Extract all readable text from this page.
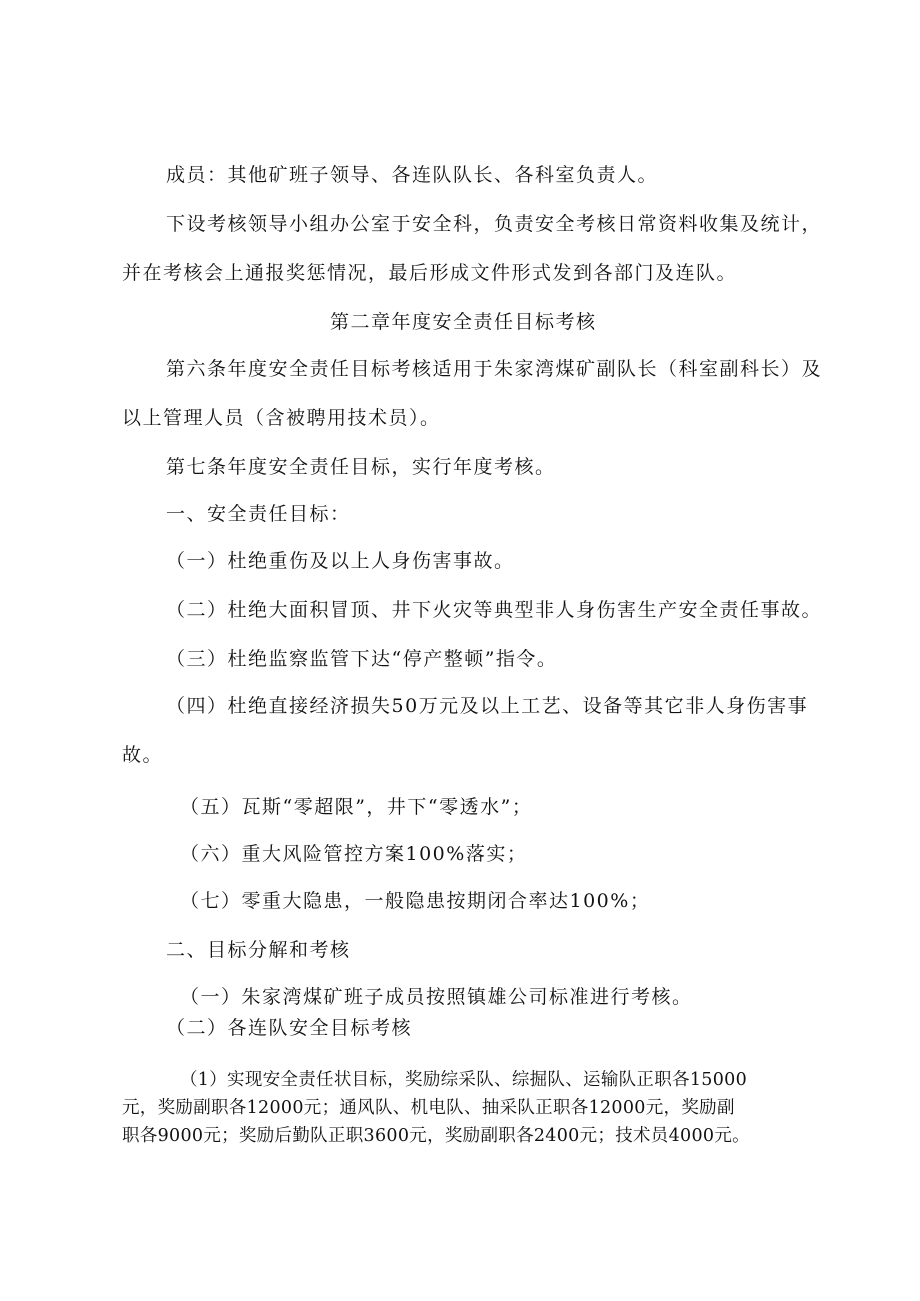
成员：其他矿班子领导、各连队队长、各科室负责人。
下设考核领导小组办公室于安全科，负责安全考核日常资料收集及统计，
并在考核会上通报奖惩情况，最后形成文件形式发到各部门及连队。
第二章年度安全责任目标考核
第六条年度安全责任目标考核适用于朱家湾煤矿副队长（科室副科长）及
以上管理人员（含被聘用技术员）。
第七条年度安全责任目标，实行年度考核。
一、安全责任目标：
（一）杜绝重伤及以上人身伤害事故。
（二）杜绝大面积冒顶、井下火灾等典型非人身伤害生产安全责任事故。
（三）杜绝监察监管下达“停产整顿”指令。
（四）杜绝直接经济损失50万元及以上工艺、设备等其它非人身伤害事
故。
（五）瓦斯“零超限”，井下“零透水”；
（六）重大风险管控方案100%落实；
（七）零重大隐患，一般隐患按期闭合率达100%；
二、目标分解和考核
（一）朱家湾煤矿班子成员按照镇雄公司标准进行考核。
（二）各连队安全目标考核
（1）实现安全责任状目标，奖励综采队、综掘队、运输队正职各15000
元，奖励副职各12000元；通风队、机电队、抽采队正职各12000元，奖励副
职各9000元；奖励后勤队正职3600元，奖励副职各2400元；技术员4000元。
